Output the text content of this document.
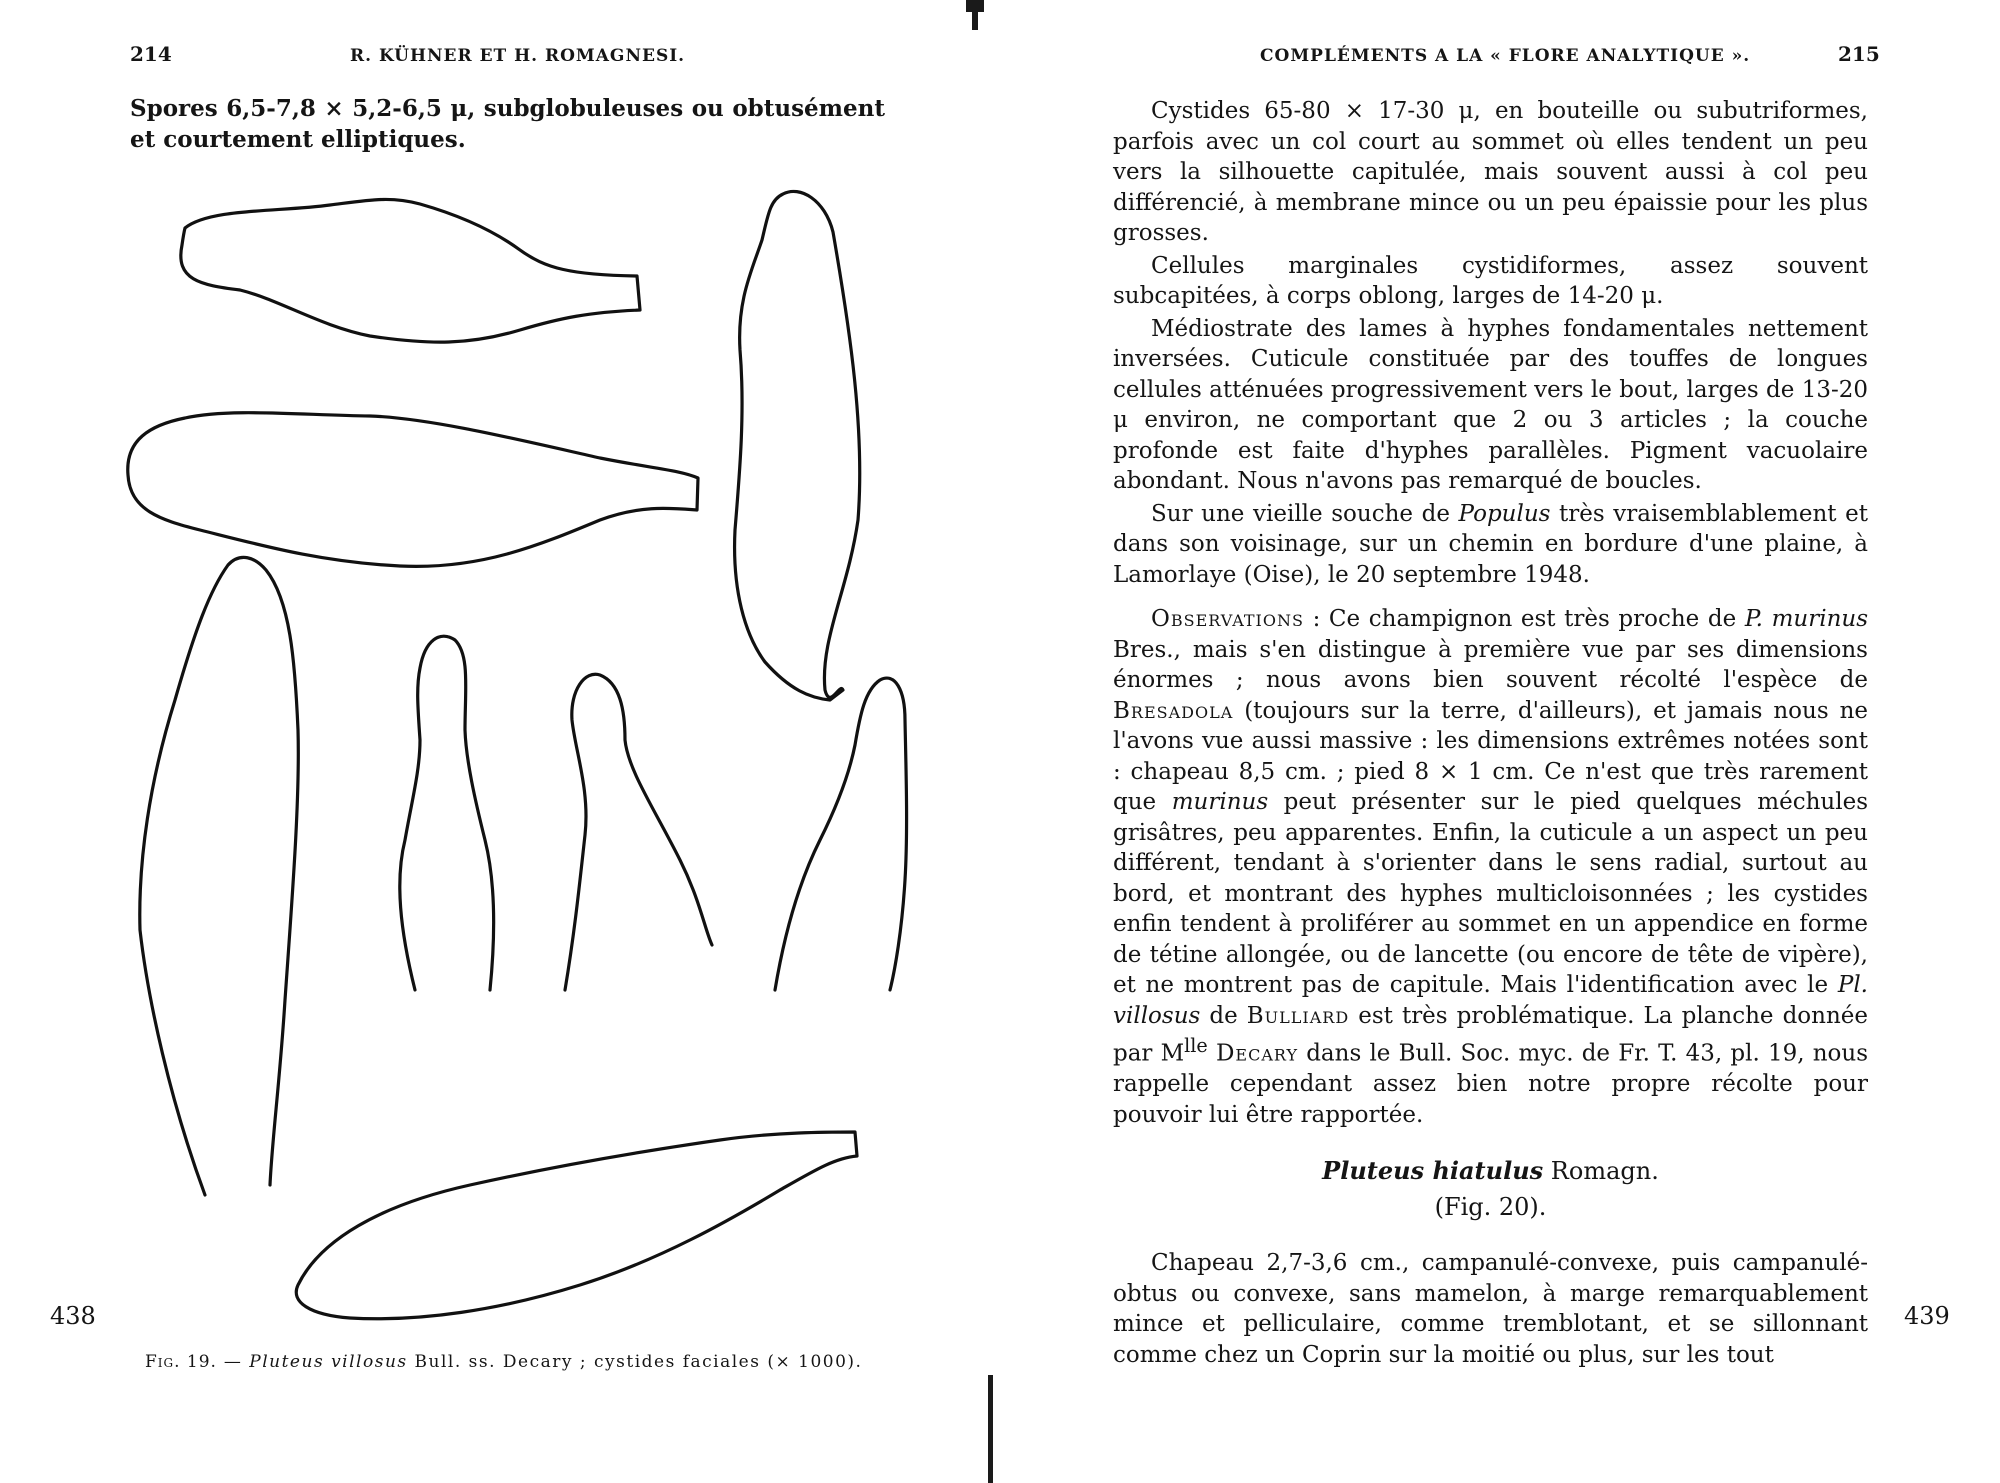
214	R. KÜHNER ET H. ROMAGNESI.
Spores 6,5-7,8 × 5,2-6,5 μ, subglobuleuses ou obtusément et courtement elliptiques.
438
Fig. 19. — Pluteus villosus Bull. ss. Decary ; cystides faciales (× 1000).
COMPLÉMENTS A LA « FLORE ANALYTIQUE ».	215

Cystides 65-80 × 17-30 μ, en bouteille ou subutriformes, parfois avec un col court au sommet où elles tendent un peu vers la silhouette capitulée, mais souvent aussi à col peu différencié, à membrane mince ou un peu épaissie pour les plus grosses.

Cellules marginales cystidiformes, assez souvent subcapitées, à corps oblong, larges de 14-20 μ.

Médiostrate des lames à hyphes fondamentales nettement inversées. Cuticule constituée par des touffes de longues cellules atténuées progressivement vers le bout, larges de 13-20 μ environ, ne comportant que 2 ou 3 articles ; la couche profonde est faite d'hyphes parallèles. Pigment vacuolaire abondant. Nous n'avons pas remarqué de boucles.

Sur une vieille souche de Populus très vraisemblablement et dans son voisinage, sur un chemin en bordure d'une plaine, à Lamorlaye (Oise), le 20 septembre 1948.

Observations : Ce champignon est très proche de P. murinus Bres., mais s'en distingue à première vue par ses dimensions énormes ; nous avons bien souvent récolté l'espèce de Bresadola (toujours sur la terre, d'ailleurs), et jamais nous ne l'avons vue aussi massive : les dimensions extrêmes notées sont : chapeau 8,5 cm. ; pied 8 × 1 cm. Ce n'est que très rarement que murinus peut présenter sur le pied quelques méchules grisâtres, peu apparentes. Enfin, la cuticule a un aspect un peu différent, tendant à s'orienter dans le sens radial, surtout au bord, et montrant des hyphes multicloisonnées ; les cystides enfin tendent à proliférer au sommet en un appendice en forme de tétine allongée, ou de lancette (ou encore de tête de vipère), et ne montrent pas de capitule. Mais l'identification avec le Pl. villosus de Bulliard est très problématique. La planche donnée par $M^{lle}$ Decary dans le Bull. Soc. myc. de Fr. T. 43, pl. 19, nous rappelle cependant assez bien notre propre récolte pour pouvoir lui être rapportée.

Pluteus hiatulus Romagn.
(Fig. 20).

Chapeau 2,7-3,6 cm., campanulé-convexe, puis campanulé-obtus ou convexe, sans mamelon, à marge remarquablement mince et pelliculaire, comme tremblotant, et se sillonnant comme chez un Coprin sur la moitié ou plus, sur les tout

439
